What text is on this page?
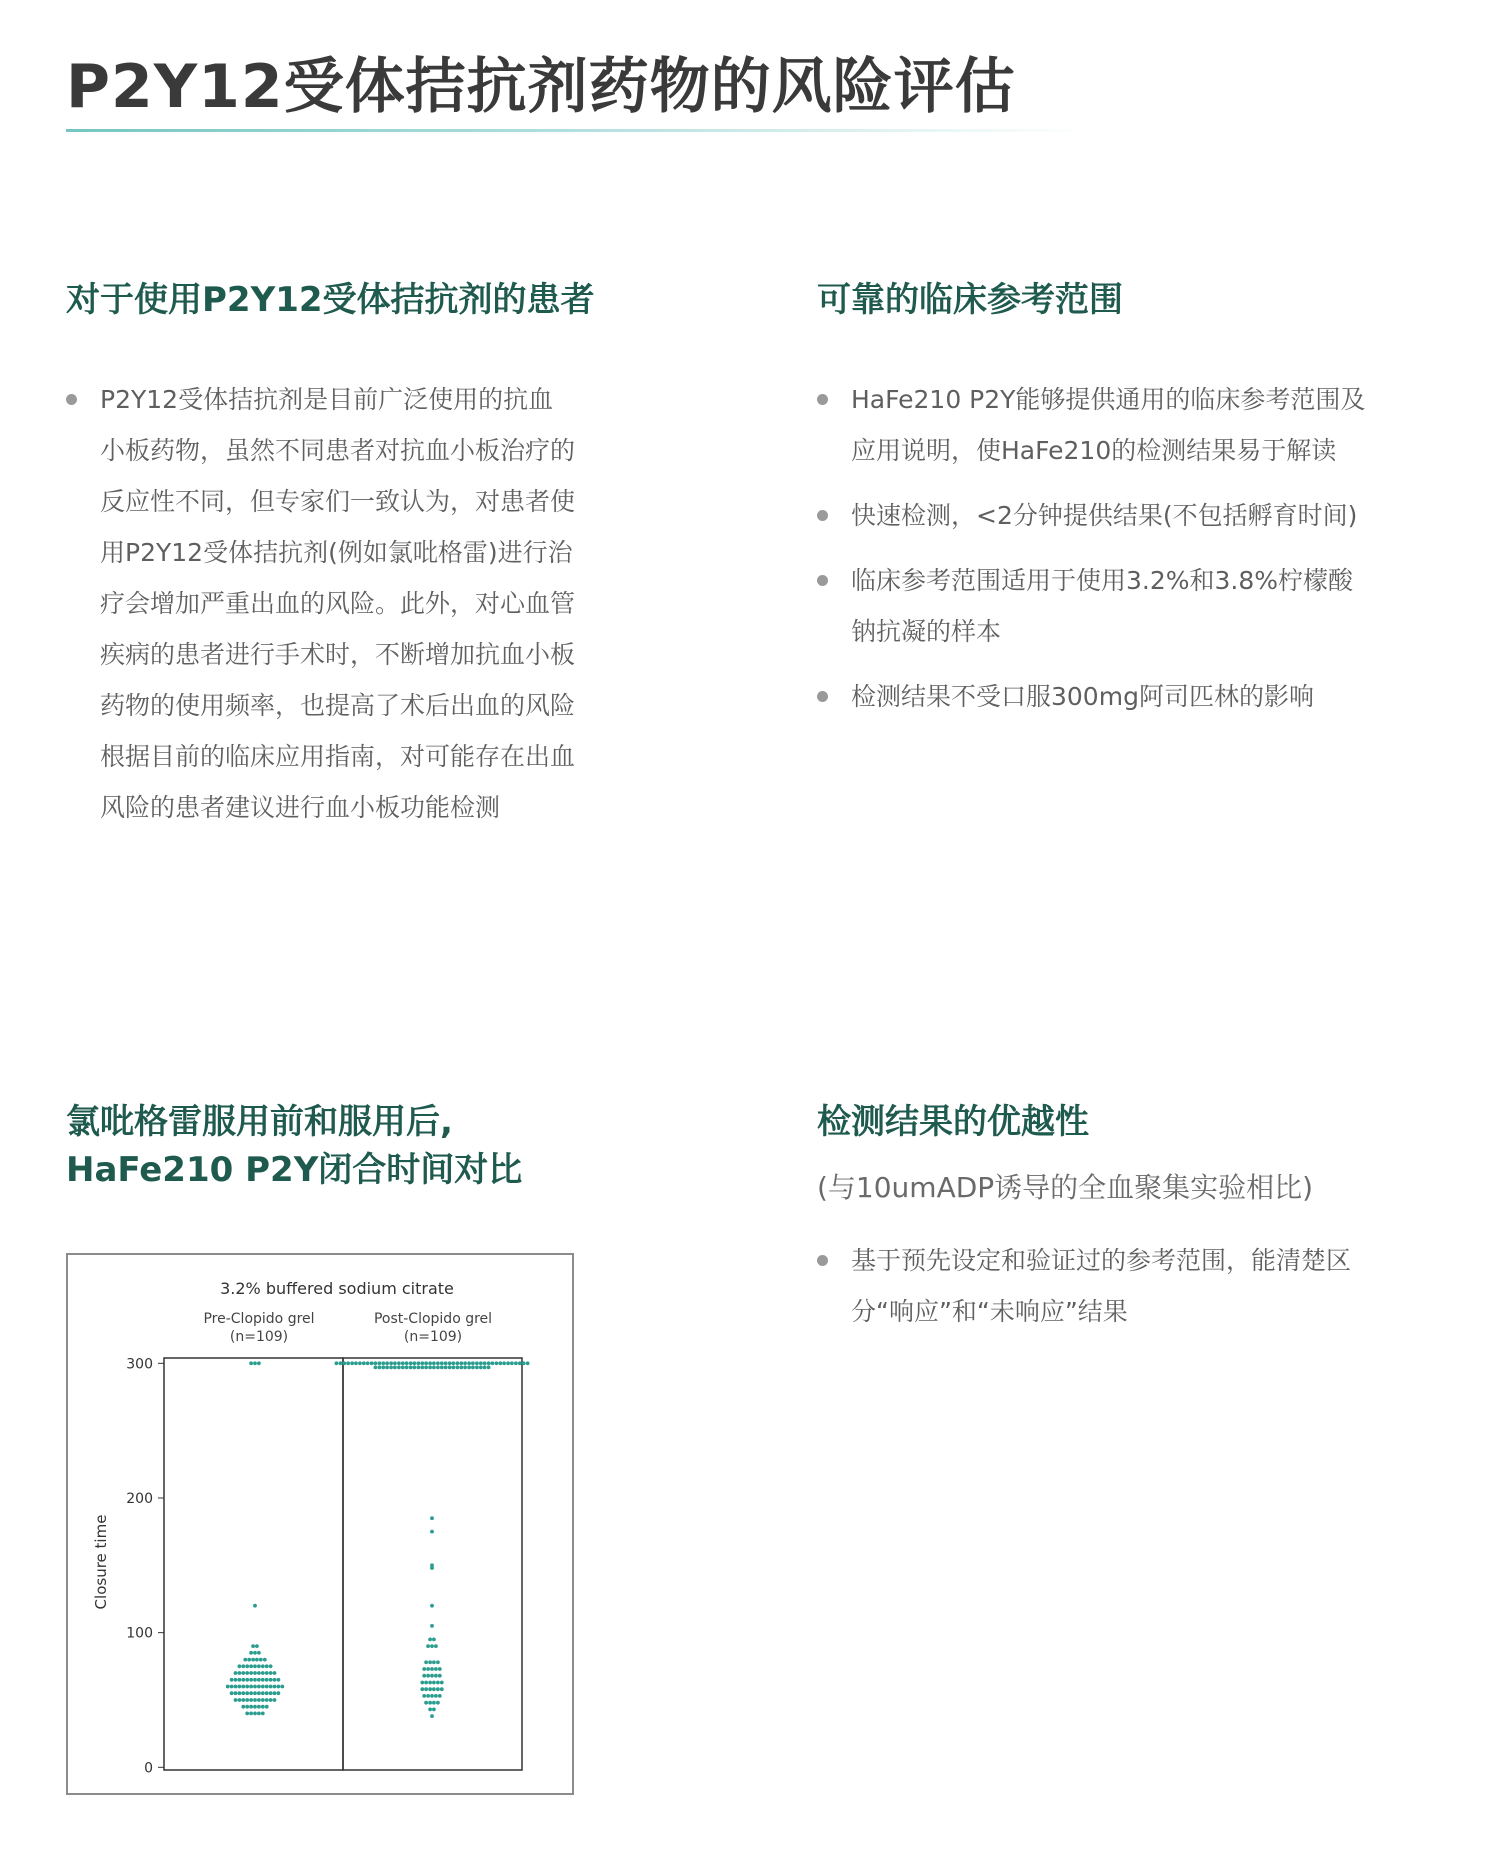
P2Y12受体拮抗剂药物的风险评估
对于使用P2Y12受体拮抗剂的患者
P2Y12受体拮抗剂是目前广泛使用的抗血
小板药物，虽然不同患者对抗血小板治疗的
反应性不同，但专家们一致认为，对患者使
用P2Y12受体拮抗剂(例如氯吡格雷)进行治
疗会增加严重出血的风险。此外，对心血管
疾病的患者进行手术时，不断增加抗血小板
药物的使用频率，也提高了术后出血的风险
根据目前的临床应用指南，对可能存在出血
风险的患者建议进行血小板功能检测
可靠的临床参考范围
HaFe210 P2Y能够提供通用的临床参考范围及
应用说明，使HaFe210的检测结果易于解读
快速检测，<2分钟提供结果(不包括孵育时间)
临床参考范围适用于使用3.2%和3.8%柠檬酸
钠抗凝的样本
检测结果不受口服300mg阿司匹林的影响
氯吡格雷服用前和服用后,
HaFe210 P2Y闭合时间对比
检测结果的优越性

(与10umADP诱导的全血聚集实验相比)

基于预先设定和验证过的参考范围，能清楚区
分“响应”和“未响应”结果
3.2% buffered sodium citrate
Pre-Clopido grel
(n=109)
Post-Clopido grel
(n=109)
Closure time
0
100
200
300
